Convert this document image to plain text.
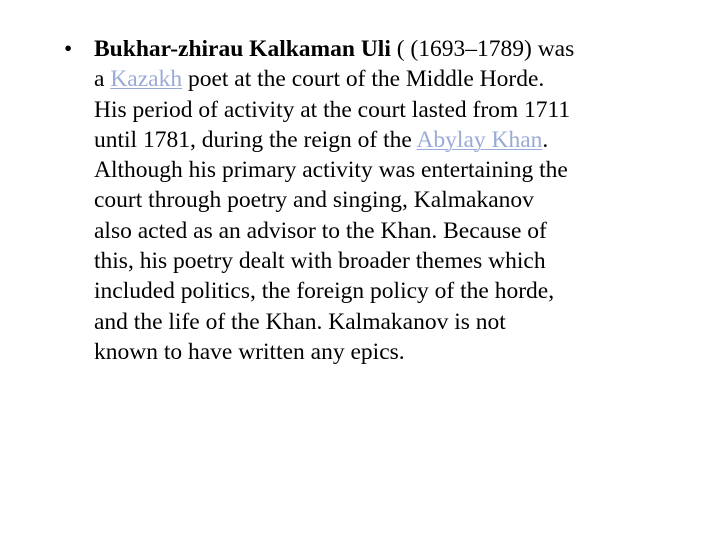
• Bukhar-zhirau Kalkaman Uli ( (1693–1789) was
a Kazakh poet at the court of the Middle Horde.
His period of activity at the court lasted from 1711
until 1781, during the reign of the Abylay Khan.
Although his primary activity was entertaining the
court through poetry and singing, Kalmakanov
also acted as an advisor to the Khan. Because of
this, his poetry dealt with broader themes which
included politics, the foreign policy of the horde,
and the life of the Khan. Kalmakanov is not
known to have written any epics.
